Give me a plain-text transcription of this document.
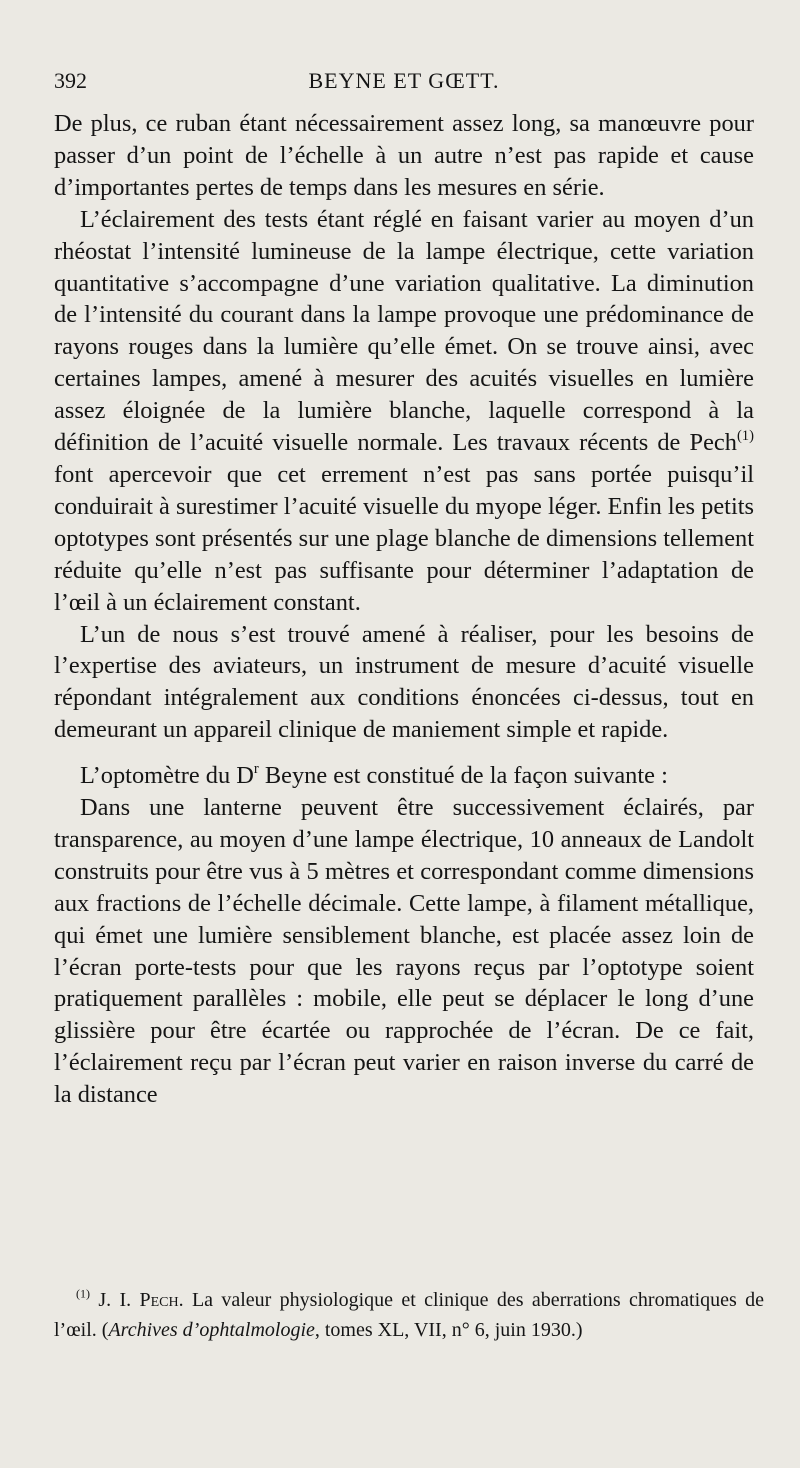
392	BEYNE ET GŒTT.

De plus, ce ruban étant nécessairement assez long, sa manœuvre pour passer d’un point de l’échelle à un autre n’est pas rapide et cause d’importantes pertes de temps dans les mesures en série.

L’éclairement des tests étant réglé en faisant varier au moyen d’un rhéostat l’intensité lumineuse de la lampe électrique, cette variation quantitative s’accompagne d’une variation qualitative. La diminution de l’intensité du courant dans la lampe provoque une prédominance de rayons rouges dans la lumière qu’elle émet. On se trouve ainsi, avec certaines lampes, amené à mesurer des acuités visuelles en lumière assez éloignée de la lumière blanche, laquelle correspond à la définition de l’acuité visuelle normale. Les travaux récents de Pech$^{(1)}$ font apercevoir que cet errement n’est pas sans portée puisqu’il conduirait à surestimer l’acuité visuelle du myope léger. Enfin les petits optotypes sont présentés sur une plage blanche de dimensions tellement réduite qu’elle n’est pas suffisante pour déterminer l’adaptation de l’œil à un éclairement constant.

L’un de nous s’est trouvé amené à réaliser, pour les besoins de l’expertise des aviateurs, un instrument de mesure d’acuité visuelle répondant intégralement aux conditions énoncées ci-dessus, tout en demeurant un appareil clinique de maniement simple et rapide.

L’optomètre du $D^r$ Beyne est constitué de la façon suivante :

Dans une lanterne peuvent être successivement éclairés, par transparence, au moyen d’une lampe électrique, 10 anneaux de Landolt construits pour être vus à 5 mètres et correspondant comme dimensions aux fractions de l’échelle décimale. Cette lampe, à filament métallique, qui émet une lumière sensiblement blanche, est placée assez loin de l’écran porte-tests pour que les rayons reçus par l’optotype soient pratiquement parallèles : mobile, elle peut se déplacer le long d’une glissière pour être écartée ou rapprochée de l’écran. De ce fait, l’éclairement reçu par l’écran peut varier en raison inverse du carré de la distance

$^{(1)}$ J. I. Pech. La valeur physiologique et clinique des aberrations chromatiques de l’œil. (Archives d’ophtalmologie, tomes XL, VII, n° 6, juin 1930.)
